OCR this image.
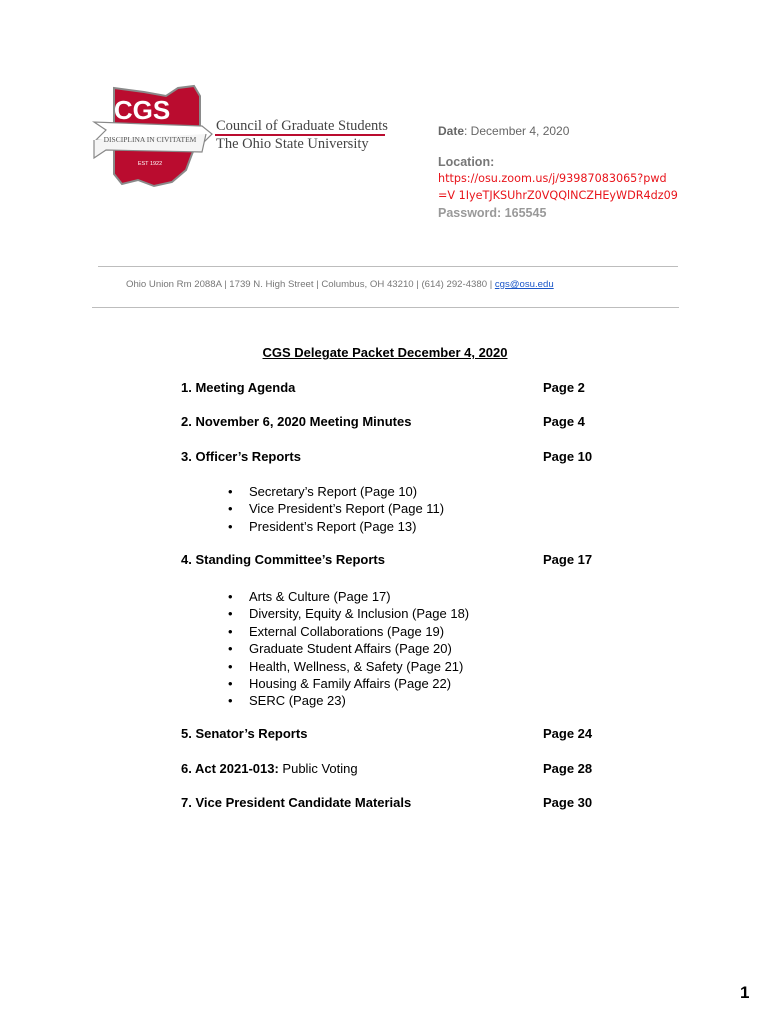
CGS
DISCIPLINA IN CIVITATEM
EST 1922
Council of Graduate Students
The Ohio State University
Date: December 4, 2020
Location:
https://osu.zoom.us/j/93987083065?pwd
=V 1IyeTJKSUhrZ0VQQlNCZHEyWDR4dz09
Password: 165545
Ohio Union Rm 2088A | 1739 N. High Street | Columbus, OH 43210 | (614) 292-4380 | cgs@osu.edu
CGS Delegate Packet December 4, 2020
1. Meeting Agenda	Page 2
2. November 6, 2020 Meeting Minutes	Page 4
3. Officer’s Reports	Page 10
• Secretary’s Report (Page 10)
• Vice President’s Report (Page 11)
• President’s Report (Page 13)
4. Standing Committee’s Reports	Page 17
• Arts & Culture (Page 17)
• Diversity, Equity & Inclusion (Page 18)
• External Collaborations (Page 19)
• Graduate Student Affairs (Page 20)
• Health, Wellness, & Safety (Page 21)
• Housing & Family Affairs (Page 22)
• SERC (Page 23)
5. Senator’s Reports	Page 24
6. Act 2021-013: Public Voting	Page 28
7. Vice President Candidate Materials	Page 30
1
